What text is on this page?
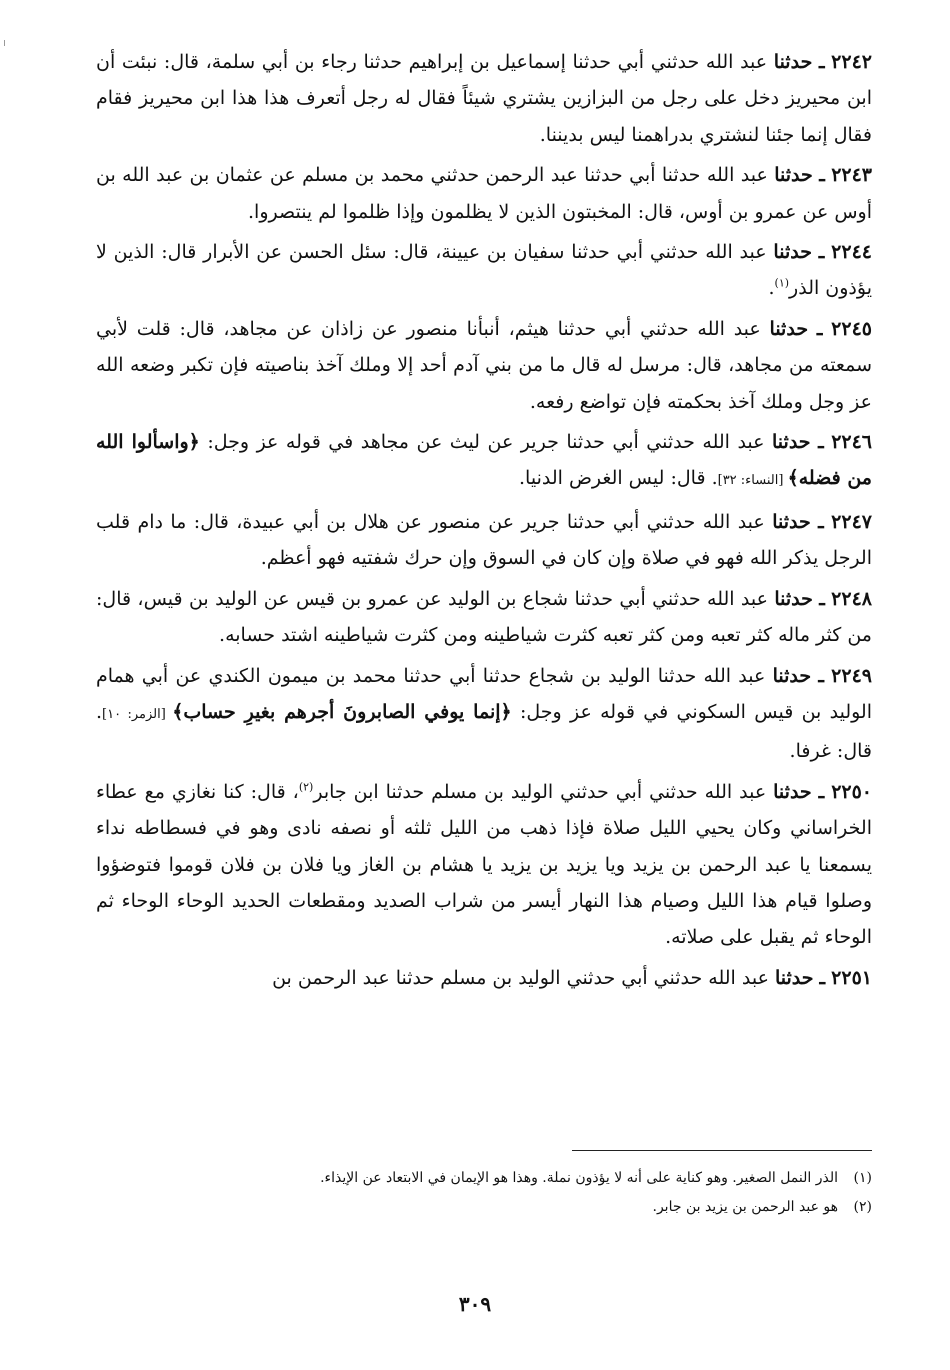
٢٢٤٢ ـ حدثنا عبد الله حدثني أبي حدثنا إسماعيل بن إبراهيم حدثنا رجاء بن أبي سلمة، قال: نبئت أن ابن محيريز دخل على رجل من البزازين يشتري شيئاً فقال له رجل أتعرف هذا هذا ابن محيريز فقام فقال إنما جئنا لنشتري بدراهمنا ليس بديننا.

٢٢٤٣ ـ حدثنا عبد الله حدثنا أبي حدثنا عبد الرحمن حدثني محمد بن مسلم عن عثمان بن عبد الله بن أوس عن عمرو بن أوس، قال: المخبتون الذين لا يظلمون وإذا ظلموا لم ينتصروا.

٢٢٤٤ ـ حدثنا عبد الله حدثني أبي حدثنا سفيان بن عيينة، قال: سئل الحسن عن الأبرار قال: الذين لا يؤذون الذر$^{(١)}$.

٢٢٤٥ ـ حدثنا عبد الله حدثني أبي حدثنا هيثم، أنبأنا منصور عن زاذان عن مجاهد، قال: قلت لأبي سمعته من مجاهد، قال: مرسل له قال ما من بني آدم أحد إلا وملك آخذ بناصيته فإن تكبر وضعه الله عز وجل وملك آخذ بحكمته فإن تواضع رفعه.

٢٢٤٦ ـ حدثنا عبد الله حدثني أبي حدثنا جرير عن ليث عن مجاهد في قوله عز وجل: ﴿واسألوا الله من فضله﴾ [النساء: ٣٢]. قال: ليس الغرض الدنيا.

٢٢٤٧ ـ حدثنا عبد الله حدثني أبي حدثنا جرير عن منصور عن هلال بن أبي عبيدة، قال: ما دام قلب الرجل يذكر الله فهو في صلاة وإن كان في السوق وإن حرك شفتيه فهو أعظم.

٢٢٤٨ ـ حدثنا عبد الله حدثني أبي حدثنا شجاع بن الوليد عن عمرو بن قيس عن الوليد بن قيس، قال: من كثر ماله كثر تعبه ومن كثر تعبه كثرت شياطينه ومن كثرت شياطينه اشتد حسابه.

٢٢٤٩ ـ حدثنا عبد الله حدثنا الوليد بن شجاع حدثنا أبي حدثنا محمد بن ميمون الكندي عن أبي همام الوليد بن قيس السكوني في قوله عز وجل: ﴿إنما يوفي الصابرونَ أجرهم بغيرِ حساب﴾ [الزمر: ١٠]. قال: غرفا.

٢٢٥٠ ـ حدثنا عبد الله حدثني أبي حدثني الوليد بن مسلم حدثنا ابن جابر$^{(٢)}$، قال: كنا نغازي مع عطاء الخراساني وكان يحيي الليل صلاة فإذا ذهب من الليل ثلثه أو نصفه نادى وهو في فسطاطه نداء يسمعنا يا عبد الرحمن بن يزيد ويا يزيد بن يزيد يا هشام بن الغاز ويا فلان بن فلان قوموا فتوضؤوا وصلوا قيام هذا الليل وصيام هذا النهار أيسر من شراب الصديد ومقطعات الحديد الوحاء الوحاء ثم الوحاء ثم يقبل على صلاته.

٢٢٥١ ـ حدثنا عبد الله حدثني أبي حدثني الوليد بن مسلم حدثنا عبد الرحمن بن

(١)الذر النمل الصغير. وهو كناية على أنه لا يؤذون نملة. وهذا هو الإيمان في الابتعاد عن الإيذاء.

(٢)هو عبد الرحمن بن يزيد بن جابر.

٣٠٩
